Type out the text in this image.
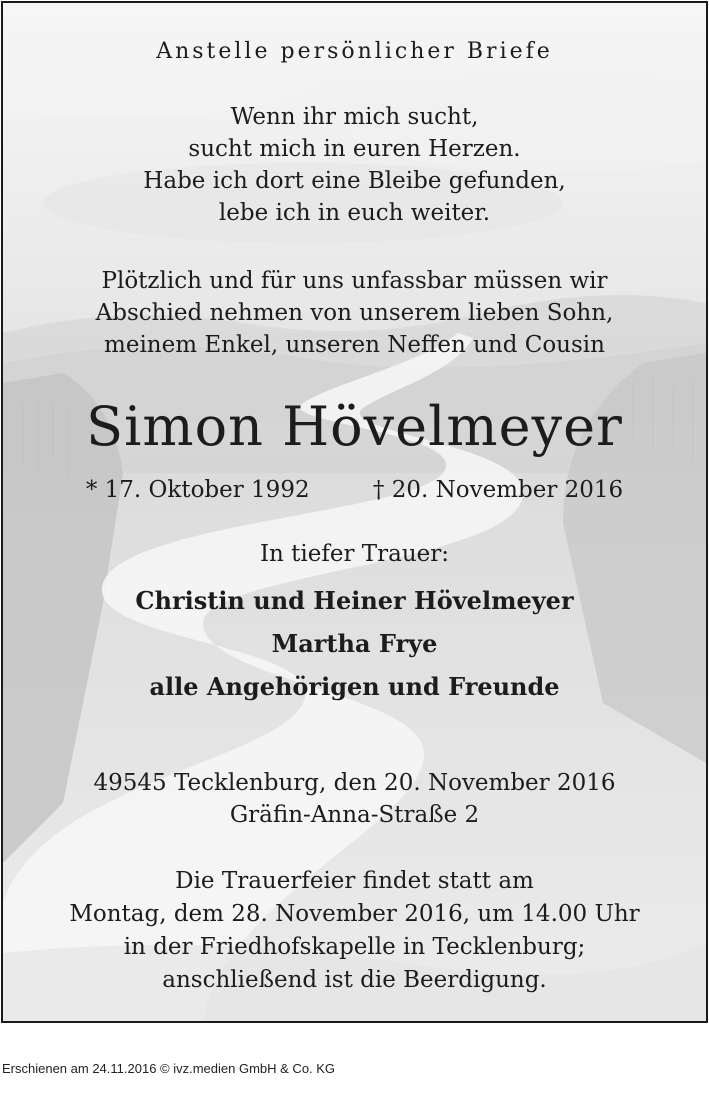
Anstelle persönlicher Briefe
Wenn ihr mich sucht,
sucht mich in euren Herzen.
Habe ich dort eine Bleibe gefunden,
lebe ich in euch weiter.
Plötzlich und für uns unfassbar müssen wir
Abschied nehmen von unserem lieben Sohn,
meinem Enkel, unseren Neffen und Cousin
Simon Hövelmeyer
* 17. Oktober 1992	† 20. November 2016
In tiefer Trauer:
Christin und Heiner Hövelmeyer
Martha Frye
alle Angehörigen und Freunde
49545 Tecklenburg, den 20. November 2016
Gräfin-Anna-Straße 2
Die Trauerfeier findet statt am
Montag, dem 28. November 2016, um 14.00 Uhr
in der Friedhofskapelle in Tecklenburg;
anschließend ist die Beerdigung.
Erschienen am 24.11.2016 © ivz.medien GmbH & Co. KG
